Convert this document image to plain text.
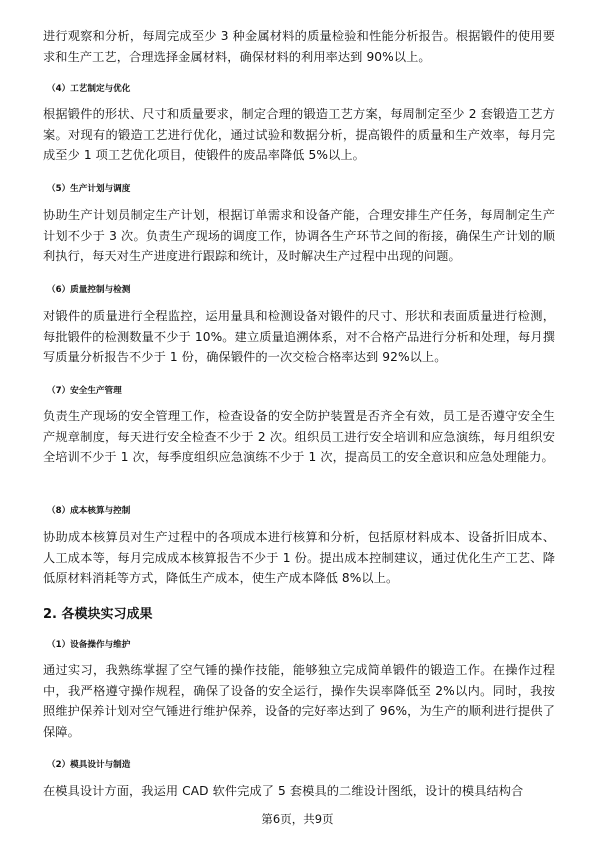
进行观察和分析，每周完成至少 3 种金属材料的质量检验和性能分析报告。根据锻件的使用要求和生产工艺，合理选择金属材料，确保材料的利用率达到 90%以上。

（4）工艺制定与优化

根据锻件的形状、尺寸和质量要求，制定合理的锻造工艺方案，每周制定至少 2 套锻造工艺方案。对现有的锻造工艺进行优化，通过试验和数据分析，提高锻件的质量和生产效率，每月完成至少 1 项工艺优化项目，使锻件的废品率降低 5%以上。

（5）生产计划与调度

协助生产计划员制定生产计划，根据订单需求和设备产能，合理安排生产任务，每周制定生产计划不少于 3 次。负责生产现场的调度工作，协调各生产环节之间的衔接，确保生产计划的顺利执行，每天对生产进度进行跟踪和统计，及时解决生产过程中出现的问题。

（6）质量控制与检测

对锻件的质量进行全程监控，运用量具和检测设备对锻件的尺寸、形状和表面质量进行检测，每批锻件的检测数量不少于 10%。建立质量追溯体系，对不合格产品进行分析和处理，每月撰写质量分析报告不少于 1 份，确保锻件的一次交检合格率达到 92%以上。

（7）安全生产管理

负责生产现场的安全管理工作，检查设备的安全防护装置是否齐全有效，员工是否遵守安全生产规章制度，每天进行安全检查不少于 2 次。组织员工进行安全培训和应急演练，每月组织安全培训不少于 1 次，每季度组织应急演练不少于 1 次，提高员工的安全意识和应急处理能力。

（8）成本核算与控制

协助成本核算员对生产过程中的各项成本进行核算和分析，包括原材料成本、设备折旧成本、人工成本等，每月完成成本核算报告不少于 1 份。提出成本控制建议，通过优化生产工艺、降低原材料消耗等方式，降低生产成本，使生产成本降低 8%以上。

2. 各模块实习成果

（1）设备操作与维护

通过实习，我熟练掌握了空气锤的操作技能，能够独立完成简单锻件的锻造工作。在操作过程中，我严格遵守操作规程，确保了设备的安全运行，操作失误率降低至 2%以内。同时，我按照维护保养计划对空气锤进行维护保养，设备的完好率达到了 96%，为生产的顺利进行提供了保障。

（2）模具设计与制造

在模具设计方面，我运用 CAD 软件完成了 5 套模具的二维设计图纸，设计的模具结构合

第6页，共9页
